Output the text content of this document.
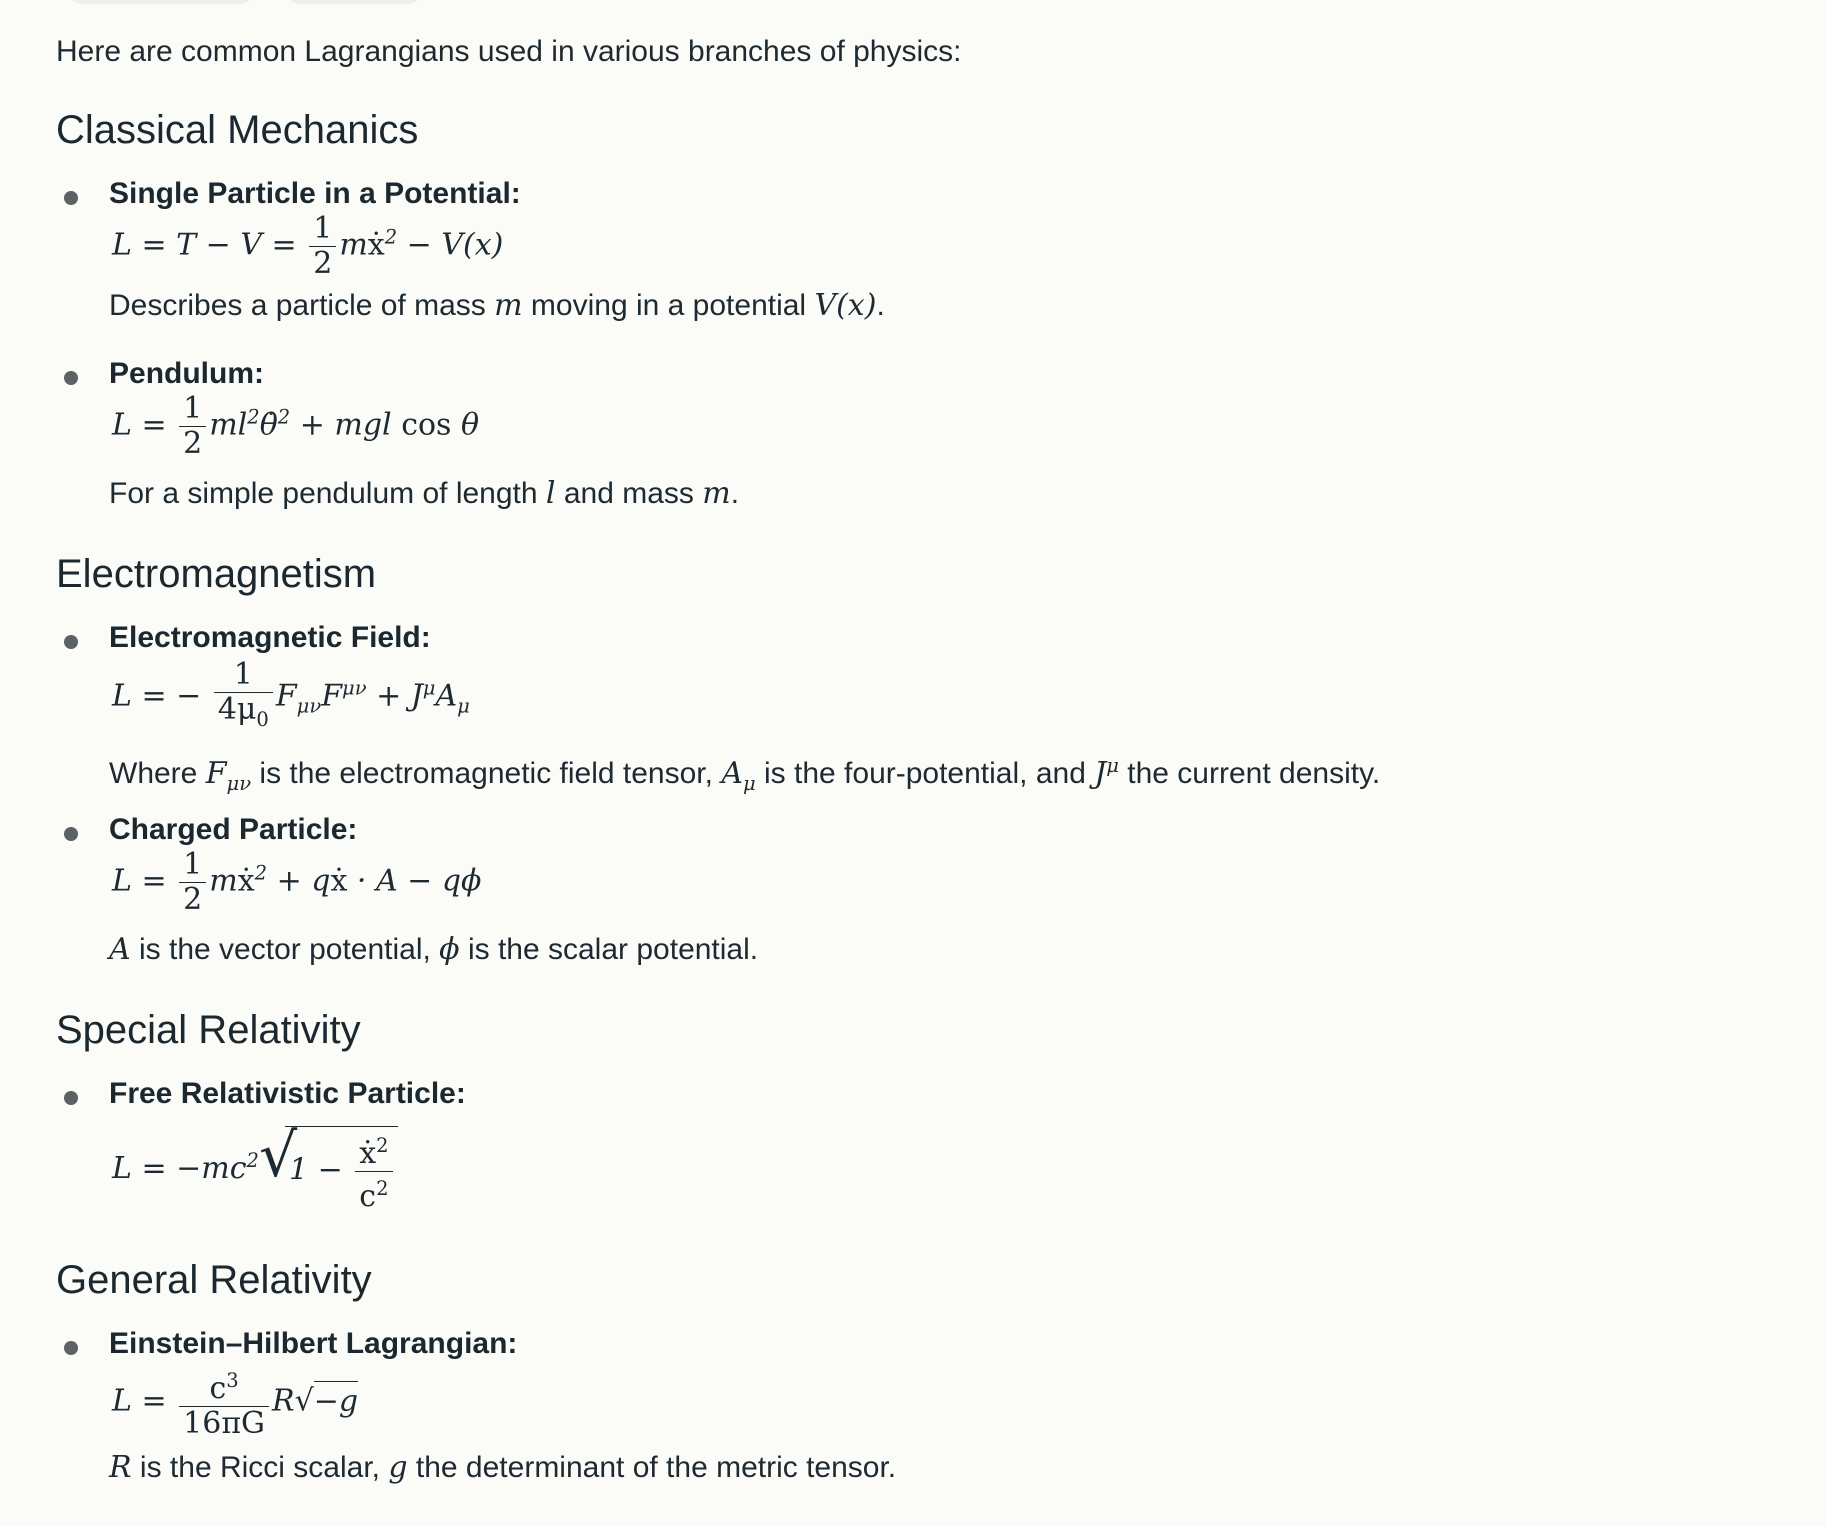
Here are common Lagrangians used in various branches of physics:

Classical Mechanics
Single Particle in a Potential:
$L = T - V = \frac{1}{2}$ mẋ$^2$ − V(x)
Describes a particle of mass m moving in a potential V(x).
Pendulum:
$L = \frac{1}{2}$ $ml^2\thetȧ^2$ + mgl cos θ
For a simple pendulum of length l and mass m.
Electromagnetism
Electromagnetic Field:
L = − $\frac{1}{4\mu_0} F_{\mu\nu}F^{\mu\nu} + J^\mu A_\mu$
Where $F_{\mu\nu}$ is the electromagnetic field tensor, $A_\mu$ is the four-potential, and $J^\mu$ the current density.
Charged Particle:
$L = \frac{1}{2}$ mẋ$^2$ + qẋ · A − qϕ
A is the vector potential, ϕ is the scalar potential.
Special Relativity
Free Relativistic Particle:
$L = -mc^2$ √
$1 - \frac{ẋ^2}{c^2}$
General Relativity
Einstein–Hilbert Lagrangian:
$L = \frac{c^3}{16\pi G} R√-g$
R is the Ricci scalar, g the determinant of the metric tensor.
